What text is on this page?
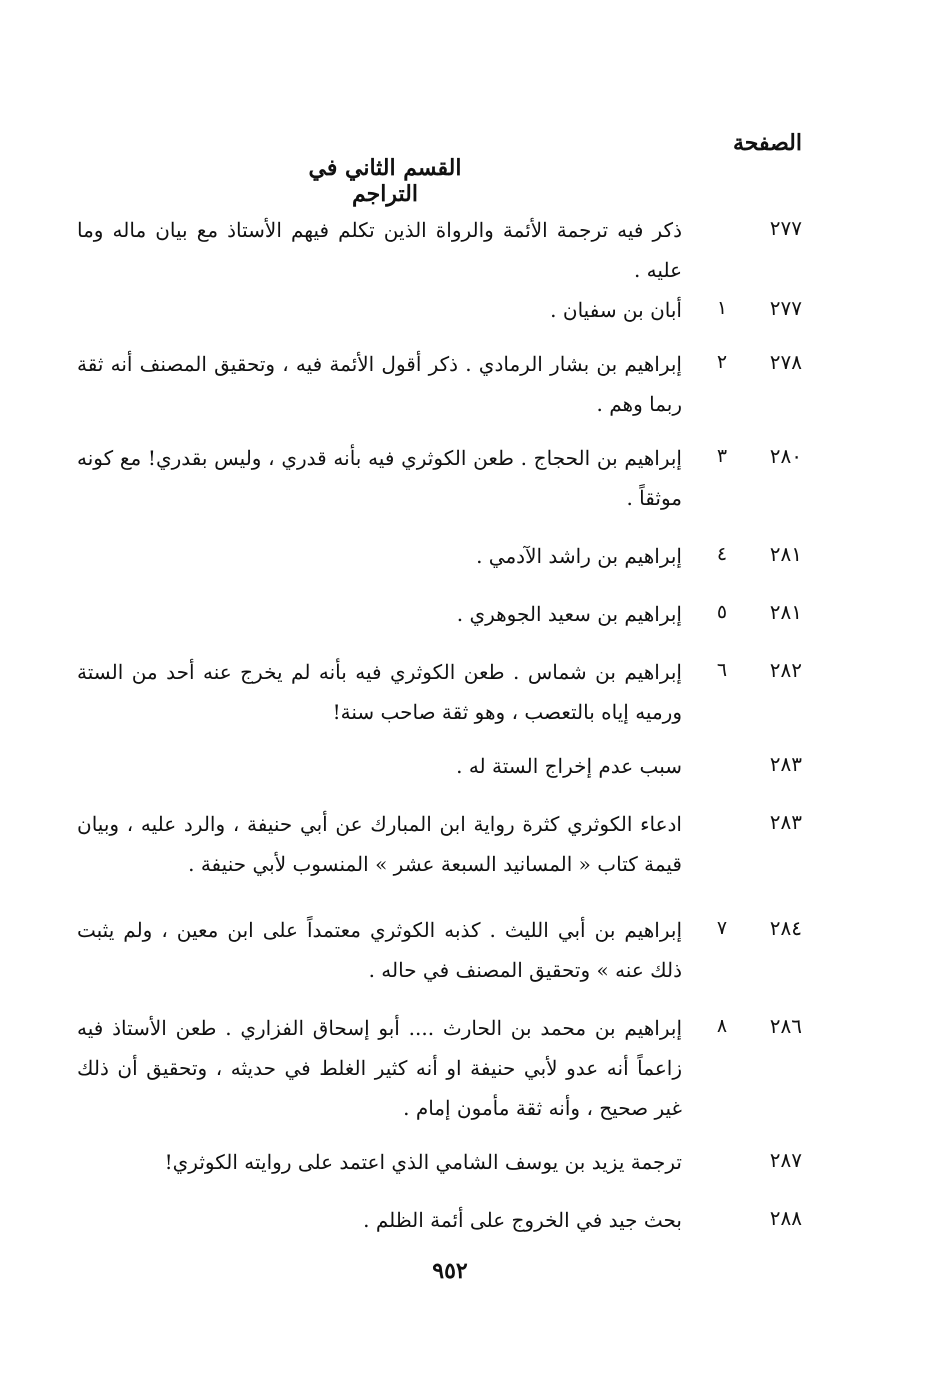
الصفحة
القسم الثاني في التراجم
٢٧٧
ذكر فيه ترجمة الأئمة والرواة الذين تكلم فيهم الأستاذ مع بيان ماله وما عليه .
٢٧٧
١
أبان بن سفيان .
٢٧٨
٢
إبراهيم بن بشار الرمادي . ذكر أقول الأئمة فيه ، وتحقيق المصنف أنه ثقة ربما وهم .
٢٨٠
٣
إبراهيم بن الحجاج . طعن الكوثري فيه بأنه قدري ، وليس بقدري! مع كونه موثقاً .
٢٨١
٤
إبراهيم بن راشد الآدمي .
٢٨١
٥
إبراهيم بن سعيد الجوهري .
٢٨٢
٦
إبراهيم بن شماس . طعن الكوثري فيه بأنه لم يخرج عنه أحد من الستة ورميه إياه بالتعصب ، وهو ثقة صاحب سنة!
٢٨٣
سبب عدم إخراج الستة له .
٢٨٣
ادعاء الكوثري كثرة رواية ابن المبارك عن أبي حنيفة ، والرد عليه ، وبيان قيمة كتاب « المسانيد السبعة عشر » المنسوب لأبي حنيفة .
٢٨٤
٧
إبراهيم بن أبي الليث . كذبه الكوثري معتمداً على ابن معين ، ولم يثبت ذلك عنه » وتحقيق المصنف في حاله .
٢٨٦
٨
إبراهيم بن محمد بن الحارث .... أبو إسحاق الفزاري . طعن الأستاذ فيه زاعماً أنه عدو لأبي حنيفة او أنه كثير الغلط في حديثه ، وتحقيق أن ذلك غير صحيح ، وأنه ثقة مأمون إمام .
٢٨٧
ترجمة يزيد بن يوسف الشامي الذي اعتمد على روايته الكوثري!
٢٨٨
بحث جيد في الخروج على أئمة الظلم .
٩٥٢
